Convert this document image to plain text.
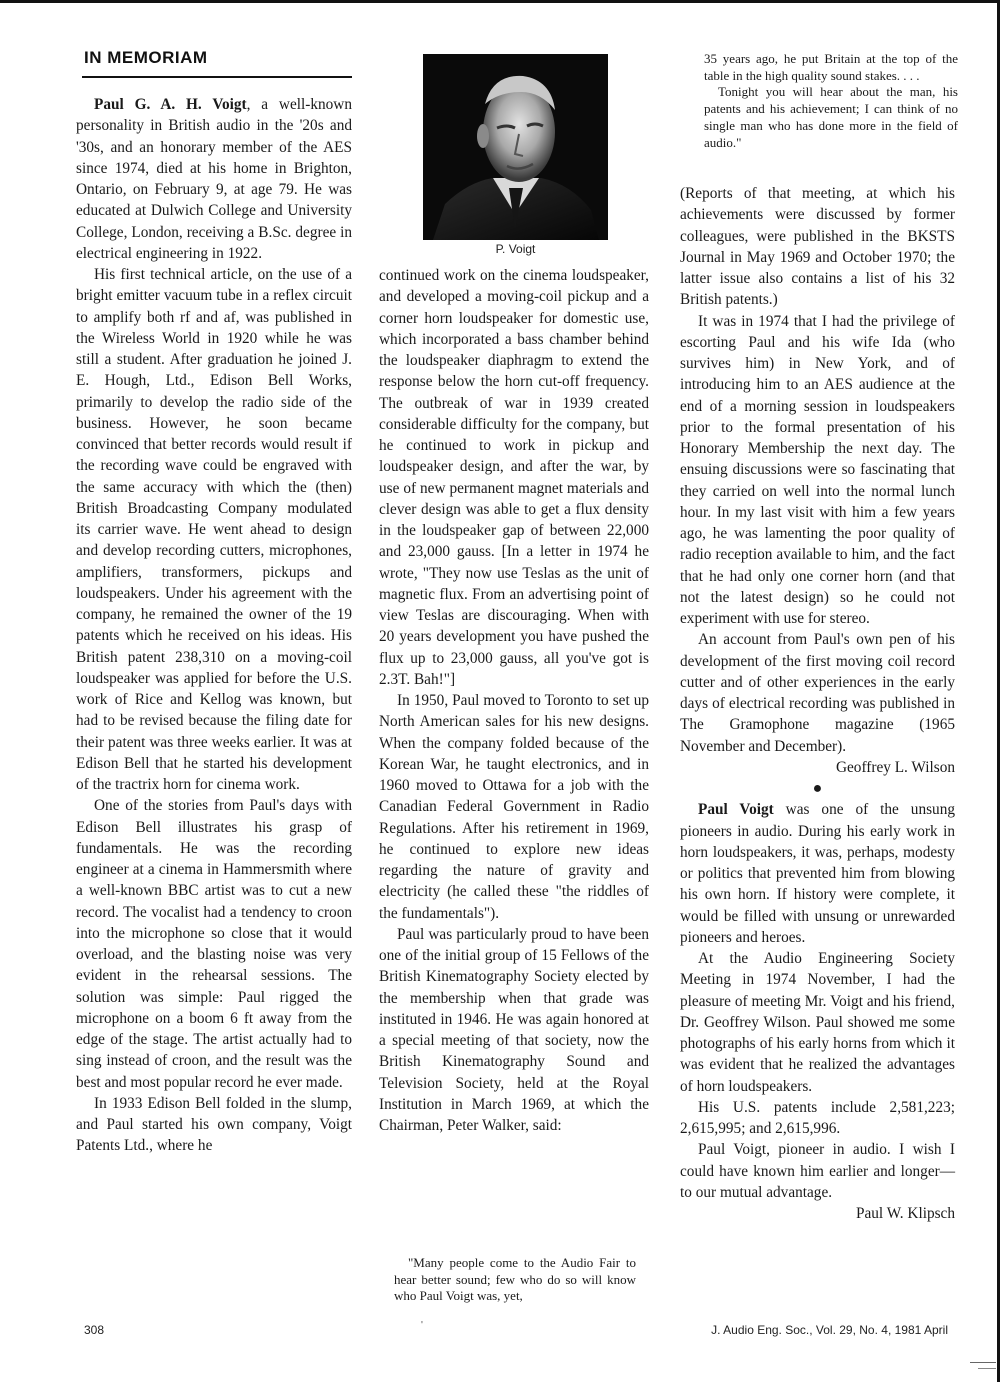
IN MEMORIAM

Paul G. A. H. Voigt, a well-known personality in British audio in the '20s and '30s, and an honorary member of the AES since 1974, died at his home in Brighton, Ontario, on February 9, at age 79. He was educated at Dulwich College and University College, London, receiving a B.Sc. degree in electrical engineering in 1922.

His first technical article, on the use of a bright emitter vacuum tube in a reflex circuit to amplify both rf and af, was published in the Wireless World in 1920 while he was still a student. After graduation he joined J. E. Hough, Ltd., Edison Bell Works, primarily to develop the radio side of the business. However, he soon became convinced that better records would result if the recording wave could be engraved with the same accuracy with which the (then) British Broadcasting Company modulated its carrier wave. He went ahead to design and develop recording cutters, microphones, amplifiers, transformers, pickups and loudspeakers. Under his agreement with the company, he remained the owner of the 19 patents which he received on his ideas. His British patent 238,310 on a moving-coil loudspeaker was applied for before the U.S. work of Rice and Kellog was known, but had to be revised because the filing date for their patent was three weeks earlier. It was at Edison Bell that he started his development of the tractrix horn for cinema work.

One of the stories from Paul's days with Edison Bell illustrates his grasp of fundamentals. He was the recording engineer at a cinema in Hammersmith where a well-known BBC artist was to cut a new record. The vocalist had a tendency to croon into the microphone so close that it would overload, and the blasting noise was very evident in the rehearsal sessions. The solution was simple: Paul rigged the microphone on a boom 6 ft away from the edge of the stage. The artist actually had to sing instead of croon, and the result was the best and most popular record he ever made.

In 1933 Edison Bell folded in the slump, and Paul started his own company, Voigt Patents Ltd., where he

P. Voigt

continued work on the cinema loudspeaker, and developed a moving-coil pickup and a corner horn loudspeaker for domestic use, which incorporated a bass chamber behind the loudspeaker diaphragm to extend the response below the horn cut-off frequency. The outbreak of war in 1939 created considerable difficulty for the company, but he continued to work in pickup and loudspeaker design, and after the war, by use of new permanent magnet materials and clever design was able to get a flux density in the loudspeaker gap of between 22,000 and 23,000 gauss. [In a letter in 1974 he wrote, "They now use Teslas as the unit of magnetic flux. From an advertising point of view Teslas are discouraging. When with 20 years development you have pushed the flux up to 23,000 gauss, all you've got is 2.3T. Bah!"]

In 1950, Paul moved to Toronto to set up North American sales for his new designs. When the company folded because of the Korean War, he taught electronics, and in 1960 moved to Ottawa for a job with the Canadian Federal Government in Radio Regulations. After his retirement in 1969, he continued to explore new ideas regarding the nature of gravity and electricity (he called these "the riddles of the fundamentals").

Paul was particularly proud to have been one of the initial group of 15 Fellows of the British Kinematography Society elected by the membership when that grade was instituted in 1946. He was again honored at a special meeting of that society, now the British Kinematography Sound and Television Society, held at the Royal Institution in March 1969, at which the Chairman, Peter Walker, said:

"Many people come to the Audio Fair to hear better sound; few who do so will know who Paul Voigt was, yet,

35 years ago, he put Britain at the top of the table in the high quality sound stakes. . . .

Tonight you will hear about the man, his patents and his achievement; I can think of no single man who has done more in the field of audio."

(Reports of that meeting, at which his achievements were discussed by former colleagues, were published in the BKSTS Journal in May 1969 and October 1970; the latter issue also contains a list of his 32 British patents.)

It was in 1974 that I had the privilege of escorting Paul and his wife Ida (who survives him) in New York, and of introducing him to an AES audience at the end of a morning session in loudspeakers prior to the formal presentation of his Honorary Membership the next day. The ensuing discussions were so fascinating that they carried on well into the normal lunch hour. In my last visit with him a few years ago, he was lamenting the poor quality of radio reception available to him, and the fact that he had only one corner horn (and that not the latest design) so he could not experiment with use for stereo.

An account from Paul's own pen of his development of the first moving coil record cutter and of other experiences in the early days of electrical recording was published in The Gramophone magazine (1965 November and December).

Geoffrey L. Wilson

●

Paul Voigt was one of the unsung pioneers in audio. During his early work in horn loudspeakers, it was, perhaps, modesty or politics that prevented him from blowing his own horn. If history were complete, it would be filled with unsung or unrewarded pioneers and heroes.

At the Audio Engineering Society Meeting in 1974 November, I had the pleasure of meeting Mr. Voigt and his friend, Dr. Geoffrey Wilson. Paul showed me some photographs of his early horns from which it was evident that he realized the advantages of horn loudspeakers.

His U.S. patents include 2,581,223; 2,615,995; and 2,615,996.

Paul Voigt, pioneer in audio. I wish I could have known him earlier and longer—to our mutual advantage.

Paul W. Klipsch

308	J. Audio Eng. Soc., Vol. 29, No. 4, 1981 April
'
